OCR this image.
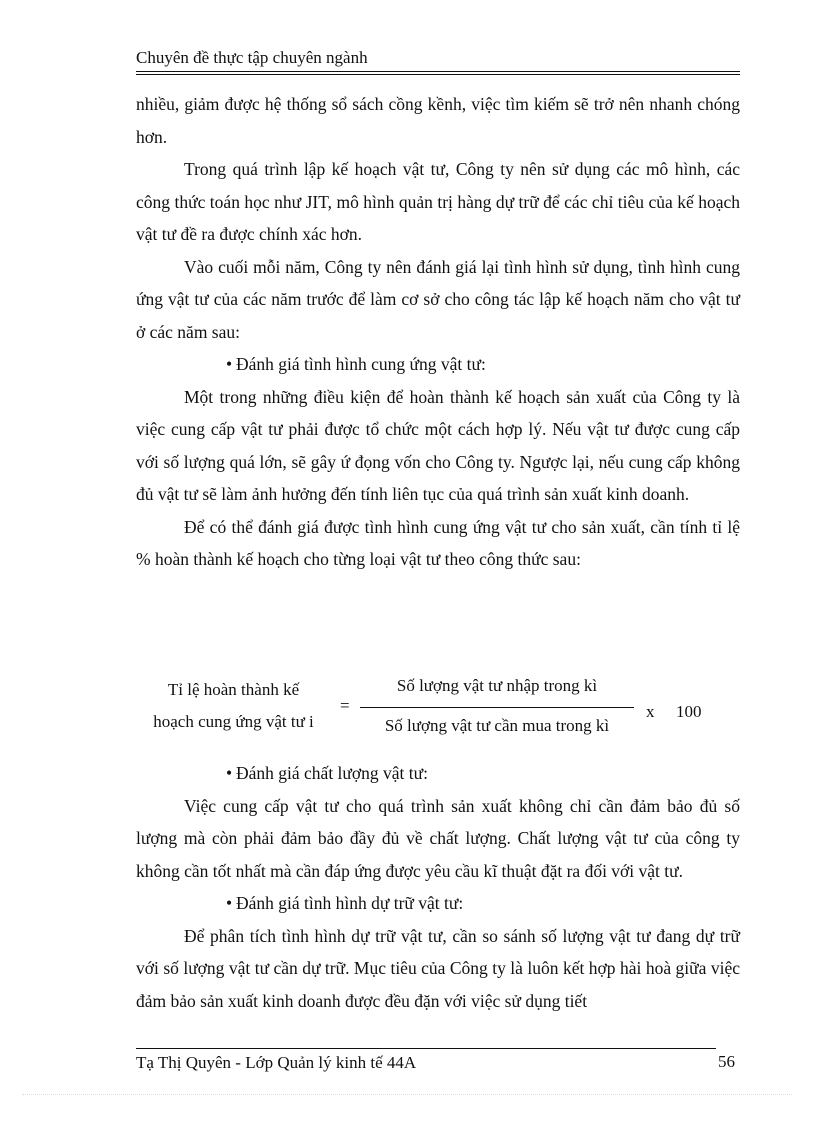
Chuyên đề thực tập chuyên ngành

nhiều, giảm được hệ thống sổ sách cồng kềnh, việc tìm kiếm sẽ trở nên nhanh chóng hơn.

Trong quá trình lập kế hoạch vật tư, Công ty nên sử dụng các mô hình, các công thức toán học như JIT, mô hình quản trị hàng dự trữ để các chỉ tiêu của kế hoạch vật tư đề ra được chính xác hơn.

Vào cuối mỗi năm, Công ty nên đánh giá lại tình hình sử dụng, tình hình cung ứng vật tư của các năm trước để làm cơ sở cho công tác lập kế hoạch năm cho vật tư ở các năm sau:

• Đánh giá tình hình cung ứng vật tư:

Một trong những điều kiện để hoàn thành kế hoạch sản xuất của Công ty là việc cung cấp vật tư phải được tổ chức một cách hợp lý. Nếu vật tư được cung cấp với số lượng quá lớn, sẽ gây ứ đọng vốn cho Công ty. Ngược lại, nếu cung cấp không đủ vật tư sẽ làm ảnh hưởng đến tính liên tục của quá trình sản xuất kinh doanh.

Để có thể đánh giá được tình hình cung ứng vật tư cho sản xuất, cần tính tỉ lệ % hoàn thành kế hoạch cho từng loại vật tư theo công thức sau:

Tỉ lệ hoàn thành kế
hoạch cung ứng vật tư i
=
Số lượng vật tư nhập trong kì
Số lượng vật tư cần mua trong kì
x 100

• Đánh giá chất lượng vật tư:

Việc cung cấp vật tư cho quá trình sản xuất không chỉ cần đảm bảo đủ số lượng mà còn phải đảm bảo đầy đủ về chất lượng. Chất lượng vật tư của công ty không cần tốt nhất mà cần đáp ứng được yêu cầu kĩ thuật đặt ra đối với vật tư.

• Đánh giá tình hình dự trữ vật tư:

Để phân tích tình hình dự trữ vật tư, cần so sánh số lượng vật tư đang dự trữ với số lượng vật tư cần dự trữ. Mục tiêu của Công ty là luôn kết hợp hài hoà giữa việc đảm bảo sản xuất kinh doanh được đều đặn với việc sử dụng tiết

Tạ Thị Quyên - Lớp Quản lý kinh tế 44A	56
